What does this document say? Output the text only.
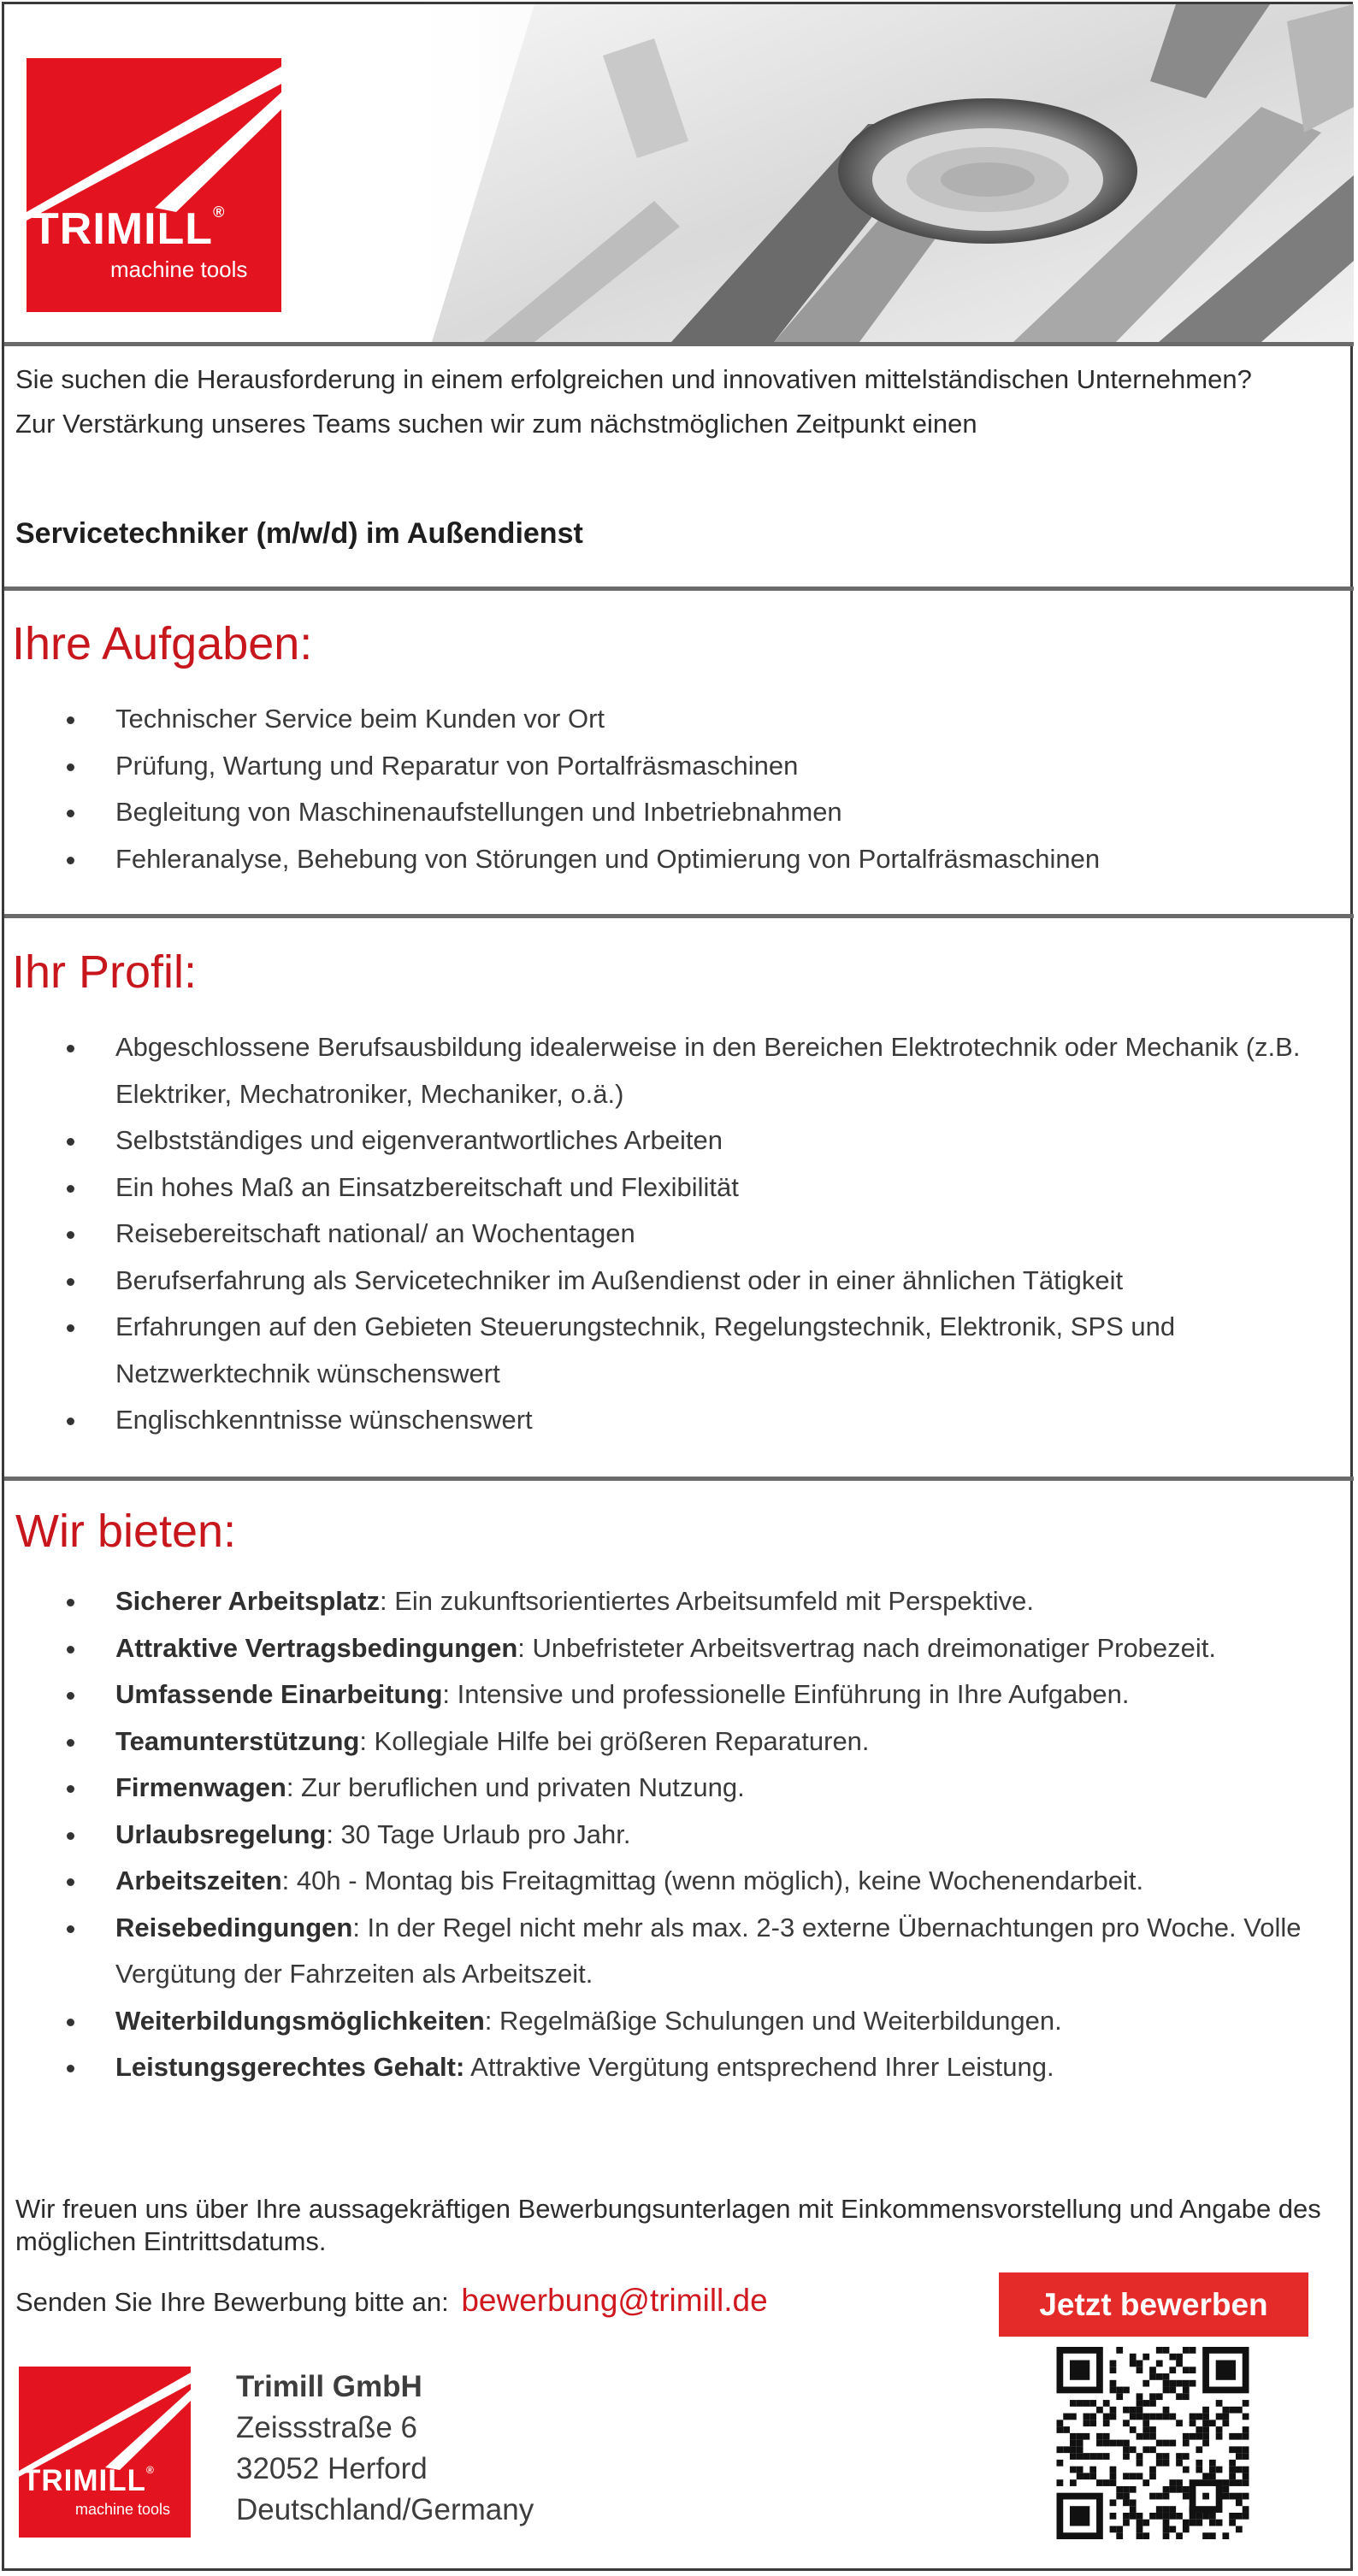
TRIMILL®
machine tools

Sie suchen die Herausforderung in einem erfolgreichen und innovativen mittelständischen Unternehmen?

Zur Verstärkung unseres Teams suchen wir zum nächstmöglichen Zeitpunkt einen

Servicetechniker (m/w/d) im Außendienst
Ihre Aufgaben:
Technischer Service beim Kunden vor Ort
Prüfung, Wartung und Reparatur von Portalfräsmaschinen
Begleitung von Maschinenaufstellungen und Inbetriebnahmen
Fehleranalyse, Behebung von Störungen und Optimierung von Portalfräsmaschinen
Ihr Profil:
Abgeschlossene Berufsausbildung idealerweise in den Bereichen Elektrotechnik oder Mechanik (z.B. Elektriker, Mechatroniker, Mechaniker, o.ä.)
Selbstständiges und eigenverantwortliches Arbeiten
Ein hohes Maß an Einsatzbereitschaft und Flexibilität
Reisebereitschaft national/ an Wochentagen
Berufserfahrung als Servicetechniker im Außendienst oder in einer ähnlichen Tätigkeit
Erfahrungen auf den Gebieten Steuerungstechnik, Regelungstechnik, Elektronik, SPS und Netzwerktechnik wünschenswert
Englischkenntnisse wünschenswert
Wir bieten:
Sicherer Arbeitsplatz: Ein zukunftsorientiertes Arbeitsumfeld mit Perspektive.
Attraktive Vertragsbedingungen: Unbefristeter Arbeitsvertrag nach dreimonatiger Probezeit.
Umfassende Einarbeitung: Intensive und professionelle Einführung in Ihre Aufgaben.
Teamunterstützung: Kollegiale Hilfe bei größeren Reparaturen.
Firmenwagen: Zur beruflichen und privaten Nutzung.
Urlaubsregelung: 30 Tage Urlaub pro Jahr.
Arbeitszeiten: 40h - Montag bis Freitagmittag (wenn möglich), keine Wochenendarbeit.
Reisebedingungen: In der Regel nicht mehr als max. 2-3 externe Übernachtungen pro Woche. Volle Vergütung der Fahrzeiten als Arbeitszeit.
Weiterbildungsmöglichkeiten: Regelmäßige Schulungen und Weiterbildungen.
Leistungsgerechtes Gehalt: Attraktive Vergütung entsprechend Ihrer Leistung.
Wir freuen uns über Ihre aussagekräftigen Bewerbungsunterlagen mit Einkommensvorstellung und Angabe des möglichen Eintrittsdatums.
Senden Sie Ihre Bewerbung bitte an: bewerbung@trimill.de	Jetzt bewerben
TRIMILL®
machine tools
Trimill GmbH
Zeissstraße 6
32052 Herford
Deutschland/Germany
